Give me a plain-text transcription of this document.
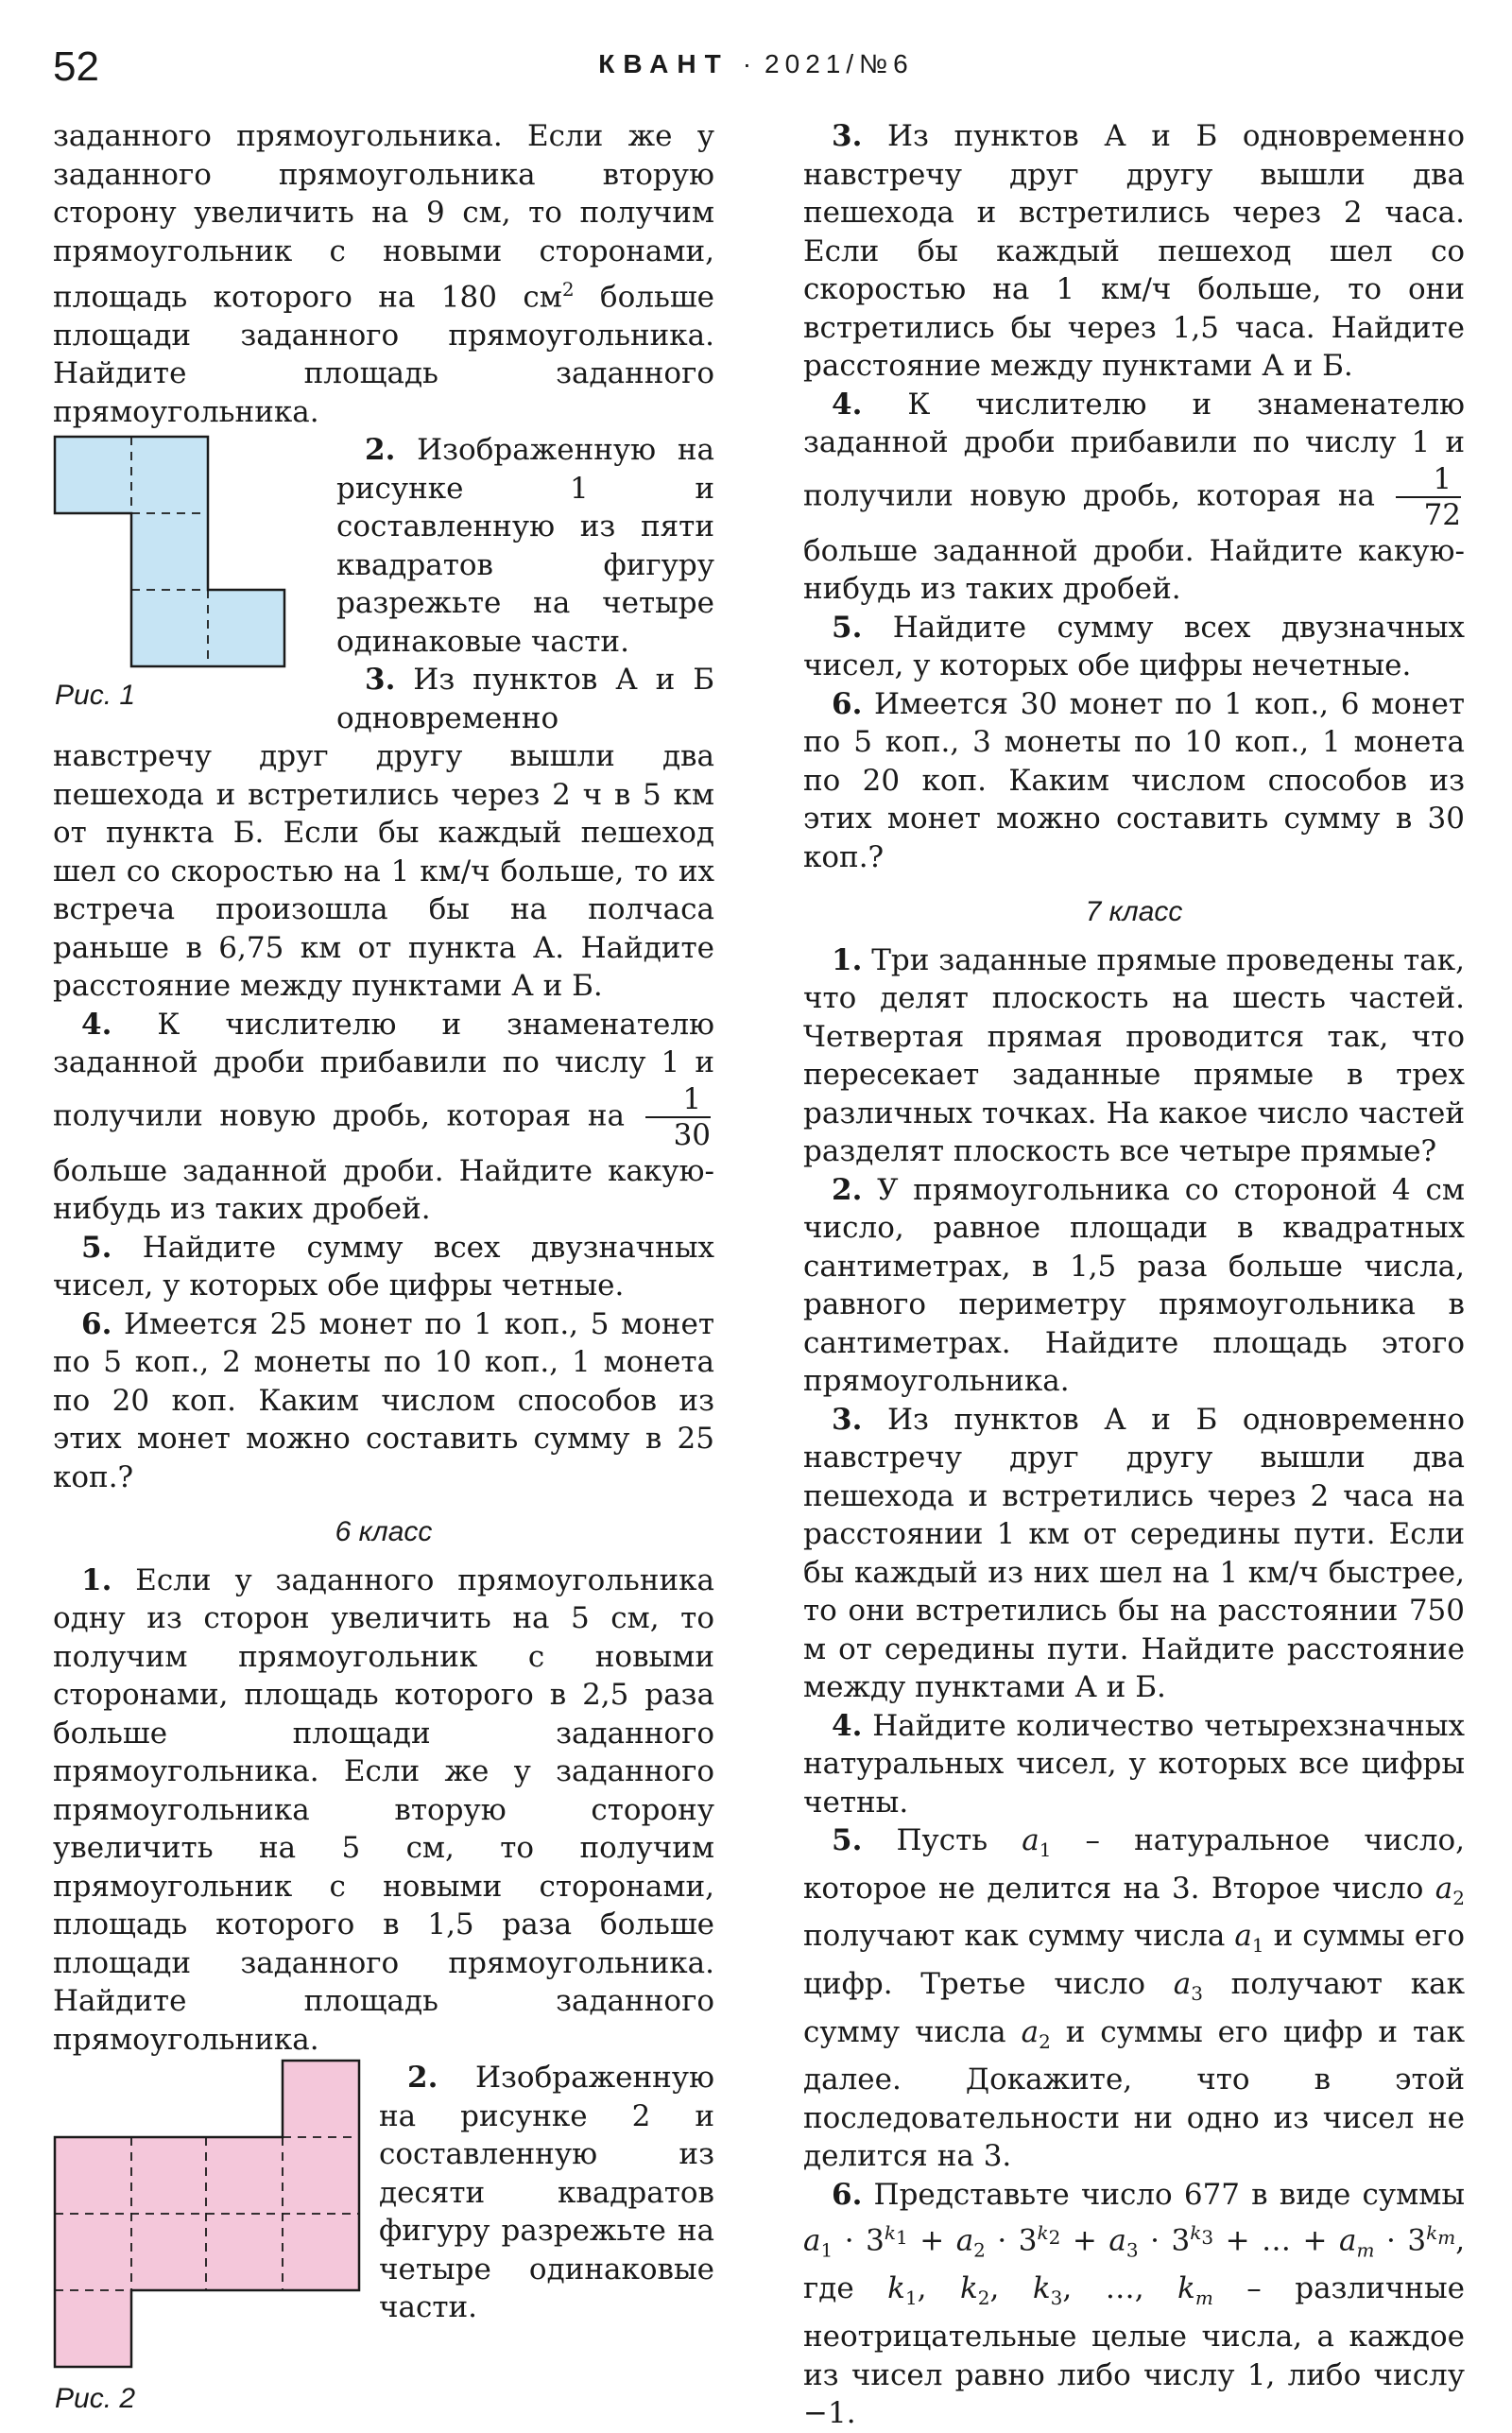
52	КВАНТ · 2021/№6

заданного прямоугольника. Если же у заданного прямоугольника вторую сторону увеличить на 9 см, то получим прямоугольник с новыми сторонами, площадь которого на 180 $см^2$ больше площади заданного прямоугольника. Найдите площадь заданного прямоугольника.

Рис. 1

2. Изображенную на рисунке 1 и составленную из пяти квадратов фигуру разрежьте на четыре одинаковые части.

3. Из пунктов А и Б одновременно навстречу друг другу вышли два пешехода и встретились через 2 ч в 5 км от пункта Б. Если бы каждый пешеход шел со скоростью на 1 км/ч больше, то их встреча произошла бы на полчаса раньше в 6,75 км от пункта А. Найдите расстояние между пунктами А и Б.

4. К числителю и знаменателю заданной дроби прибавили по числу 1 и получили новую дробь, которая на $\frac{1}{30}$
больше заданной дроби. Найдите какую-нибудь из таких дробей.

5. Найдите сумму всех двузначных чисел, у которых обе цифры четные.

6. Имеется 25 монет по 1 коп., 5 монет по 5 коп., 2 монеты по 10 коп., 1 монета по 20 коп. Каким числом способов из этих монет можно составить сумму в 25 коп.?

6 класс

1. Если у заданного прямоугольника одну из сторон увеличить на 5 см, то получим прямоугольник с новыми сторонами, площадь которого в 2,5 раза больше площади заданного прямоугольника. Если же у заданного прямоугольника вторую сторону увеличить на 5 см, то получим прямоугольник с новыми сторонами, площадь которого в 1,5 раза больше площади заданного прямоугольника. Найдите площадь заданного прямоугольника.

Рис. 2

2. Изображенную на рисунке 2 и составленную из десяти квадратов фигуру разрежьте на четыре одинаковые части.

3. Из пунктов А и Б одновременно навстречу друг другу вышли два пешехода и встретились через 2 часа. Если бы каждый пешеход шел со скоростью на 1 км/ч больше, то они встретились бы через 1,5 часа. Найдите расстояние между пунктами А и Б.

4. К числителю и знаменателю заданной дроби прибавили по числу 1 и получили новую дробь, которая на $\frac{1}{72}$
больше заданной дроби. Найдите какую-нибудь из таких дробей.

5. Найдите сумму всех двузначных чисел, у которых обе цифры нечетные.

6. Имеется 30 монет по 1 коп., 6 монет по 5 коп., 3 монеты по 10 коп., 1 монета по 20 коп. Каким числом способов из этих монет можно составить сумму в 30 коп.?

7 класс

1. Три заданные прямые проведены так, что делят плоскость на шесть частей. Четвертая прямая проводится так, что пересекает заданные прямые в трех различных точках. На какое число частей разделят плоскость все четыре прямые?

2. У прямоугольника со стороной 4 см число, равное площади в квадратных сантиметрах, в 1,5 раза больше числа, равного периметру прямоугольника в сантиметрах. Найдите площадь этого прямоугольника.

3. Из пунктов А и Б одновременно навстречу друг другу вышли два пешехода и встретились через 2 часа на расстоянии 1 км от середины пути. Если бы каждый из них шел на 1 км/ч быстрее, то они встретились бы на расстоянии 750 м от середины пути. Найдите расстояние между пунктами А и Б.

4. Найдите количество четырехзначных натуральных чисел, у которых все цифры четны.

5. Пусть $a_1$ – натуральное число, которое не делится на 3. Второе число $a_2$ получают как сумму числа $a_1$ и суммы его цифр. Третье число $a_3$ получают как сумму числа $a_2$ и суммы его цифр и так далее. Докажите, что в этой последовательности ни одно из чисел не делится на 3.

6. Представьте число 677 в виде суммы $a_1 \cdot 3^{k_1} + a_2 \cdot 3^{k_2} + a_3 \cdot 3^{k_3}$ + … + $a_m \cdot 3^{k_m}$, где $k_1$, $k_2$, $k_3$, …, $k_m$ – различные неотрицательные целые числа, а каждое из чисел равно либо числу 1, либо числу −1.
